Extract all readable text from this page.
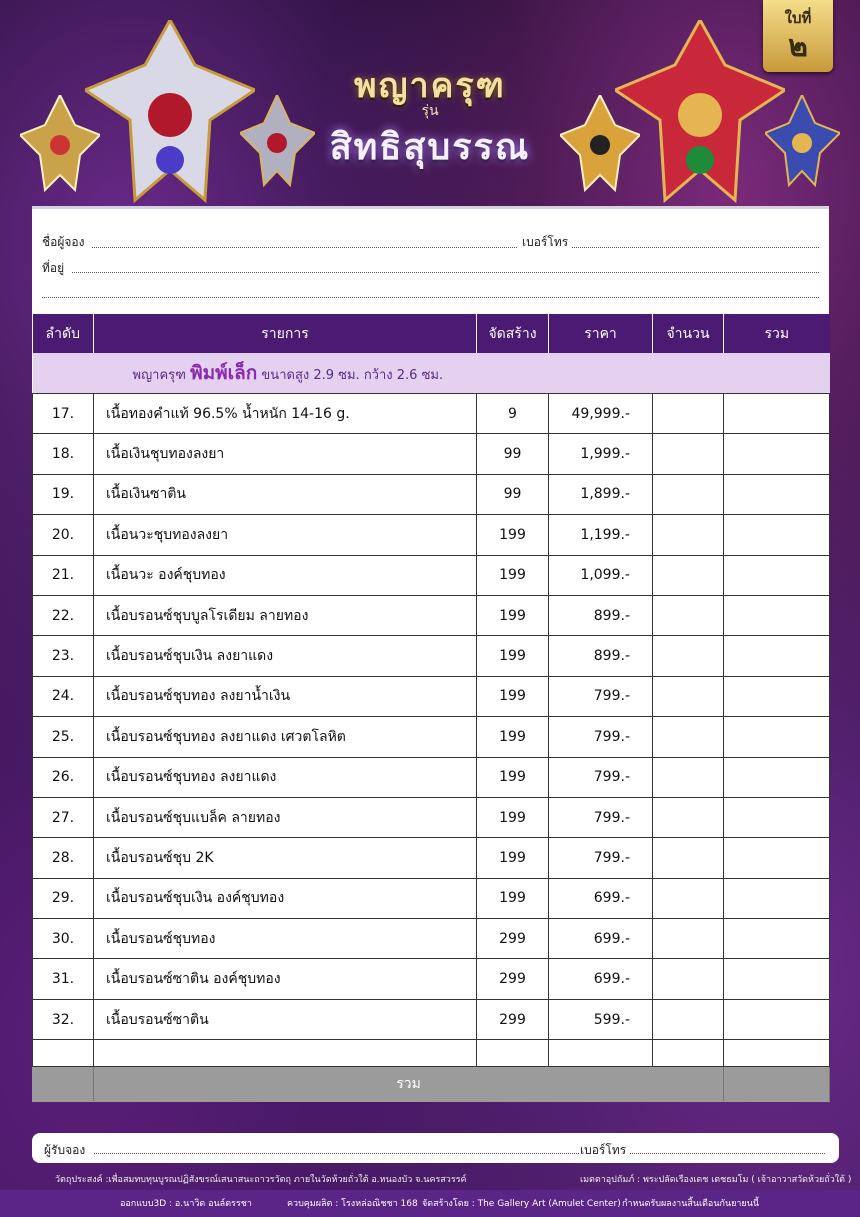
พญาครุฑ
รุ่น
สิทธิสุบรรณ
ใบที่
๒
ชื่อผู้จอง	เบอร์โทร
ที่อยู่
ลำดับ	รายการ	จัดสร้าง	ราคา	จำนวน	รวม
พญาครุฑ พิมพ์เล็ก ขนาดสูง 2.9 ซม. กว้าง 2.6 ซม.					
17.	เนื้อทองคำแท้ 96.5% น้ำหนัก 14-16 g.	9	49,999.-		
18.	เนื้อเงินชุบทองลงยา	99	1,999.-		
19.	เนื้อเงินซาติน	99	1,899.-		
20.	เนื้อนวะชุบทองลงยา	199	1,199.-		
21.	เนื้อนวะ องค์ชุบทอง	199	1,099.-		
22.	เนื้อบรอนซ์ชุบบูลโรเดียม ลายทอง	199	899.-		
23.	เนื้อบรอนซ์ชุบเงิน ลงยาแดง	199	899.-		
24.	เนื้อบรอนซ์ชุบทอง ลงยาน้ำเงิน	199	799.-		
25.	เนื้อบรอนซ์ชุบทอง ลงยาแดง เศวตโลหิต	199	799.-		
26.	เนื้อบรอนซ์ชุบทอง ลงยาแดง	199	799.-		
27.	เนื้อบรอนซ์ชุบแบล็ค ลายทอง	199	799.-		
28.	เนื้อบรอนซ์ชุบ 2K	199	799.-		
29.	เนื้อบรอนซ์ชุบเงิน องค์ชุบทอง	199	699.-		
30.	เนื้อบรอนซ์ชุบทอง	299	699.-		
31.	เนื้อบรอนซ์ซาติน องค์ชุบทอง	299	699.-		
32.	เนื้อบรอนซ์ซาติน	299	599.-		

	รวม				
ผู้รับจอง	เบอร์โทร
วัตถุประสงค์ :เพื่อสมทบทุนบูรณปฏิสังขรณ์เสนาสนะถาวรวัตถุ ภายในวัดห้วยถั่วใต้ อ.หนองบัว จ.นครสวรรค์	เมตตาอุปถัมภ์ : พระปลัดเรืองเดช เตชธมโม ( เจ้าอาวาสวัดห้วยถั่วใต้ )
ออกแบบ3D : อ.นาวิด อนล์ตรรชา	ควบคุมผลิต : โรงหล่อณิชชา 168 จัดสร้างโดย : The Gallery Art (Amulet Center) กำหนดรับผลงานสิ้นเดือนกันยายนนี้
